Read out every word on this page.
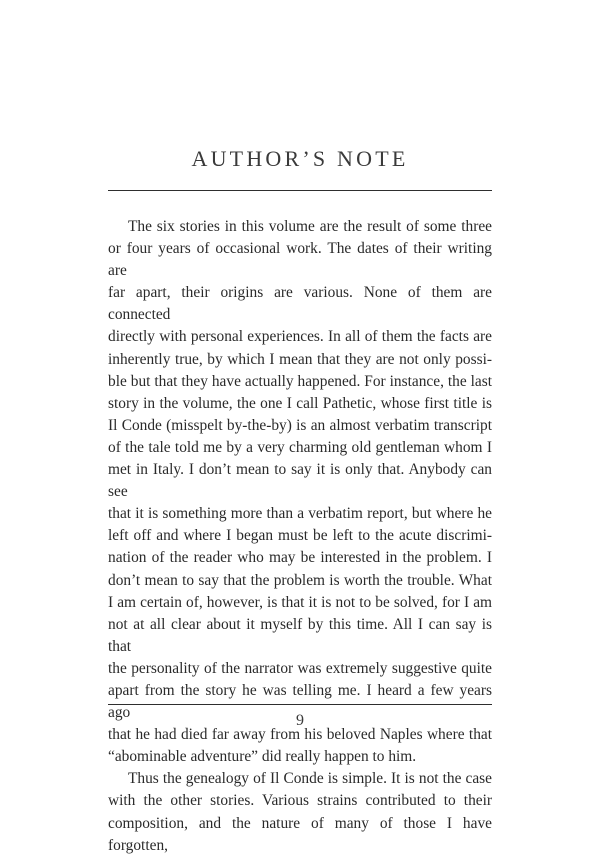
AUTHOR’S NOTE

The six stories in this volume are the result of some three

or four years of occasional work. The dates of their writing are

far apart, their origins are various. None of them are connected

directly with personal experiences. In all of them the facts are

inherently true, by which I mean that they are not only possi-

ble but that they have actually happened. For instance, the last

story in the volume, the one I call Pathetic, whose first title is

Il Conde (misspelt by-the-by) is an almost verbatim transcript

of the tale told me by a very charming old gentleman whom I

met in Italy. I don’t mean to say it is only that. Anybody can see

that it is something more than a verbatim report, but where he

left off and where I began must be left to the acute discrimi-

nation of the reader who may be interested in the problem. I

don’t mean to say that the problem is worth the trouble. What

I am certain of, however, is that it is not to be solved, for I am

not at all clear about it myself by this time. All I can say is that

the personality of the narrator was extremely suggestive quite

apart from the story he was telling me. I heard a few years ago

that he had died far away from his beloved Naples where that

“abominable adventure” did really happen to him.

Thus the genealogy of Il Conde is simple. It is not the case

with the other stories. Various strains contributed to their

composition, and the nature of many of those I have forgotten,

9
